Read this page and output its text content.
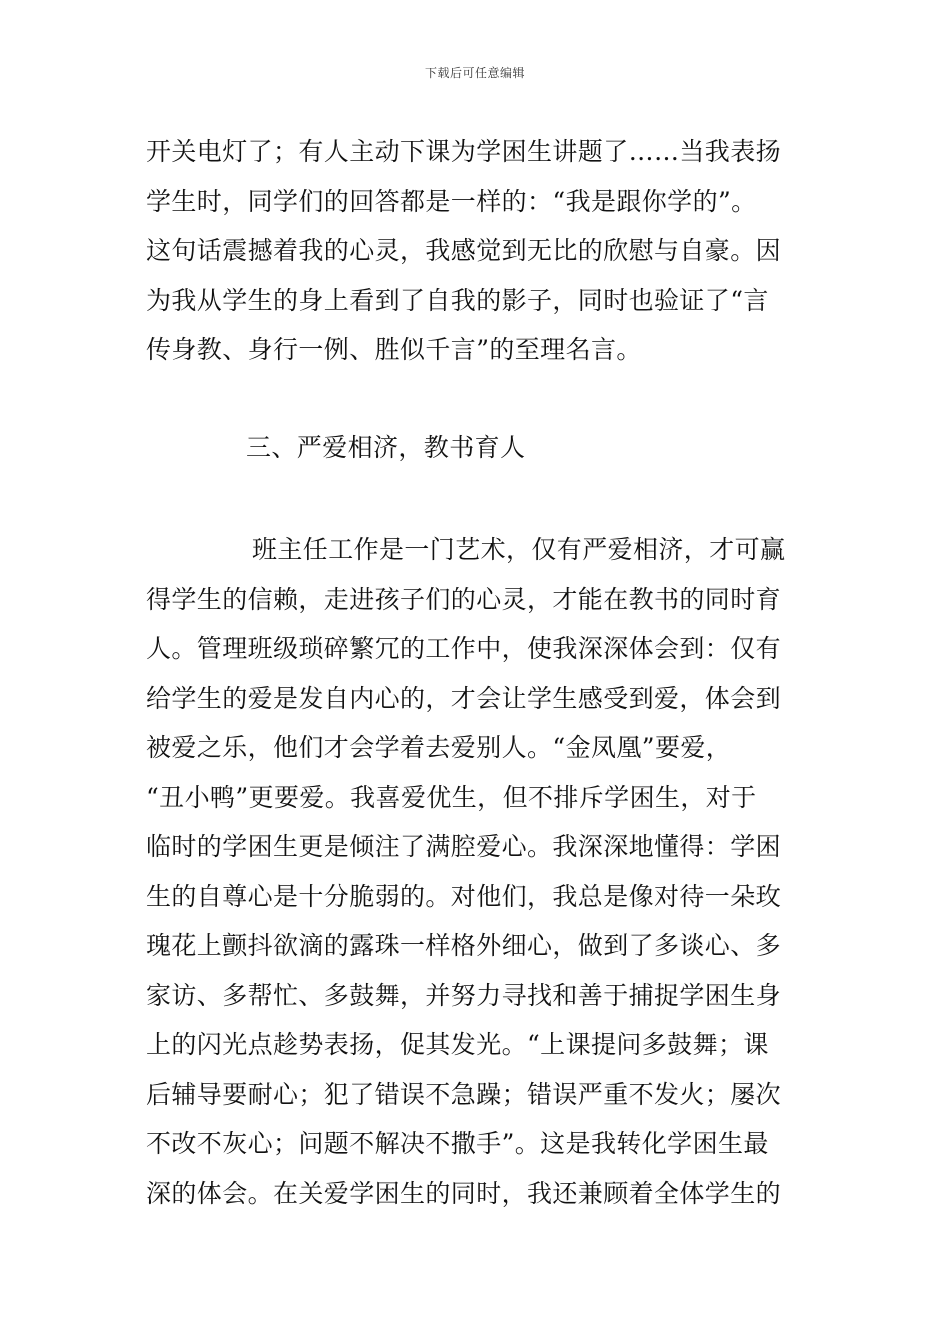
下载后可任意编辑
开关电灯了；有人主动下课为学困生讲题了……当我表扬
学生时，同学们的回答都是一样的：“我是跟你学的”。
这句话震撼着我的心灵，我感觉到无比的欣慰与自豪。因
为我从学生的身上看到了自我的影子，同时也验证了“言
传身教、身行一例、胜似千言”的至理名言。
三、严爱相济，教书育人
班主任工作是一门艺术，仅有严爱相济，才可赢
得学生的信赖，走进孩子们的心灵，才能在教书的同时育
人。管理班级琐碎繁冗的工作中，使我深深体会到：仅有
给学生的爱是发自内心的，才会让学生感受到爱，体会到
被爱之乐，他们才会学着去爱别人。“金凤凰”要爱，
“丑小鸭”更要爱。我喜爱优生，但不排斥学困生，对于
临时的学困生更是倾注了满腔爱心。我深深地懂得：学困
生的自尊心是十分脆弱的。对他们，我总是像对待一朵玫
瑰花上颤抖欲滴的露珠一样格外细心，做到了多谈心、多
家访、多帮忙、多鼓舞，并努力寻找和善于捕捉学困生身
上的闪光点趁势表扬，促其发光。“上课提问多鼓舞；课
后辅导要耐心；犯了错误不急躁；错误严重不发火；屡次
不改不灰心；问题不解决不撒手”。这是我转化学困生最
深的体会。在关爱学困生的同时，我还兼顾着全体学生的
